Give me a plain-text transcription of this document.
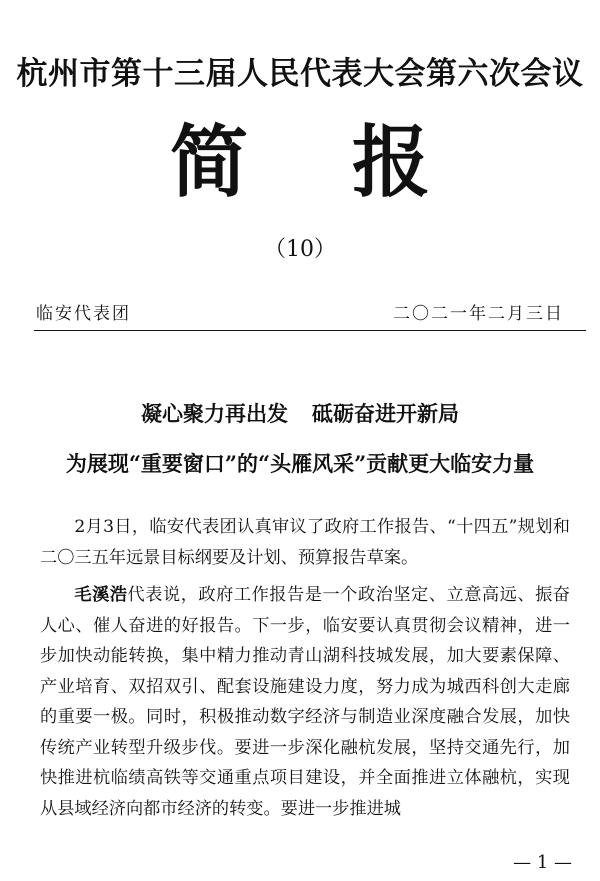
杭州市第十三届人民代表大会第六次会议
简 报
（10）
临安代表团	二〇二一年二月三日
凝心聚力再出发 砥砺奋进开新局
为展现“重要窗口”的“头雁风采”贡献更大临安力量

2月3日，临安代表团认真审议了政府工作报告、“十四五”规划和二〇三五年远景目标纲要及计划、预算报告草案。

毛溪浩代表说，政府工作报告是一个政治坚定、立意高远、振奋人心、催人奋进的好报告。下一步，临安要认真贯彻会议精神，进一步加快动能转换，集中精力推动青山湖科技城发展，加大要素保障、产业培育、双招双引、配套设施建设力度，努力成为城西科创大走廊的重要一极。同时，积极推动数字经济与制造业深度融合发展，加快传统产业转型升级步伐。要进一步深化融杭发展，坚持交通先行，加快推进杭临绩高铁等交通重点项目建设，并全面推进立体融杭，实现从县域经济向都市经济的转变。要进一步推进城

— 1 —
